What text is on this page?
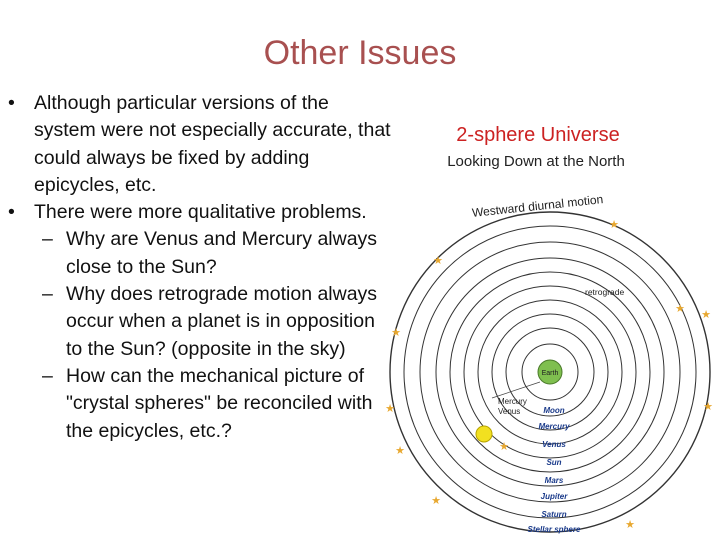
Other Issues
• Although particular versions of the system were not especially accurate, that could always be fixed by adding epicycles, etc.
• There were more qualitative problems.
– Why are Venus and Mercury always close to the Sun?
– Why does retrograde motion always occur when a planet is in opposition to the Sun? (opposite in the sky)
– How can the mechanical picture of "crystal spheres" be reconciled with the epicycles, etc.?
2-sphere Universe
Looking Down at the North
Westward diurnal motion
★
★
★
★
★
★	★
★
★
★
★
Earth
retrograde
Mercury
Venus	Moon
Mercury
Venus
Sun
Mars
Jupiter
Saturn
Stellar sphere
